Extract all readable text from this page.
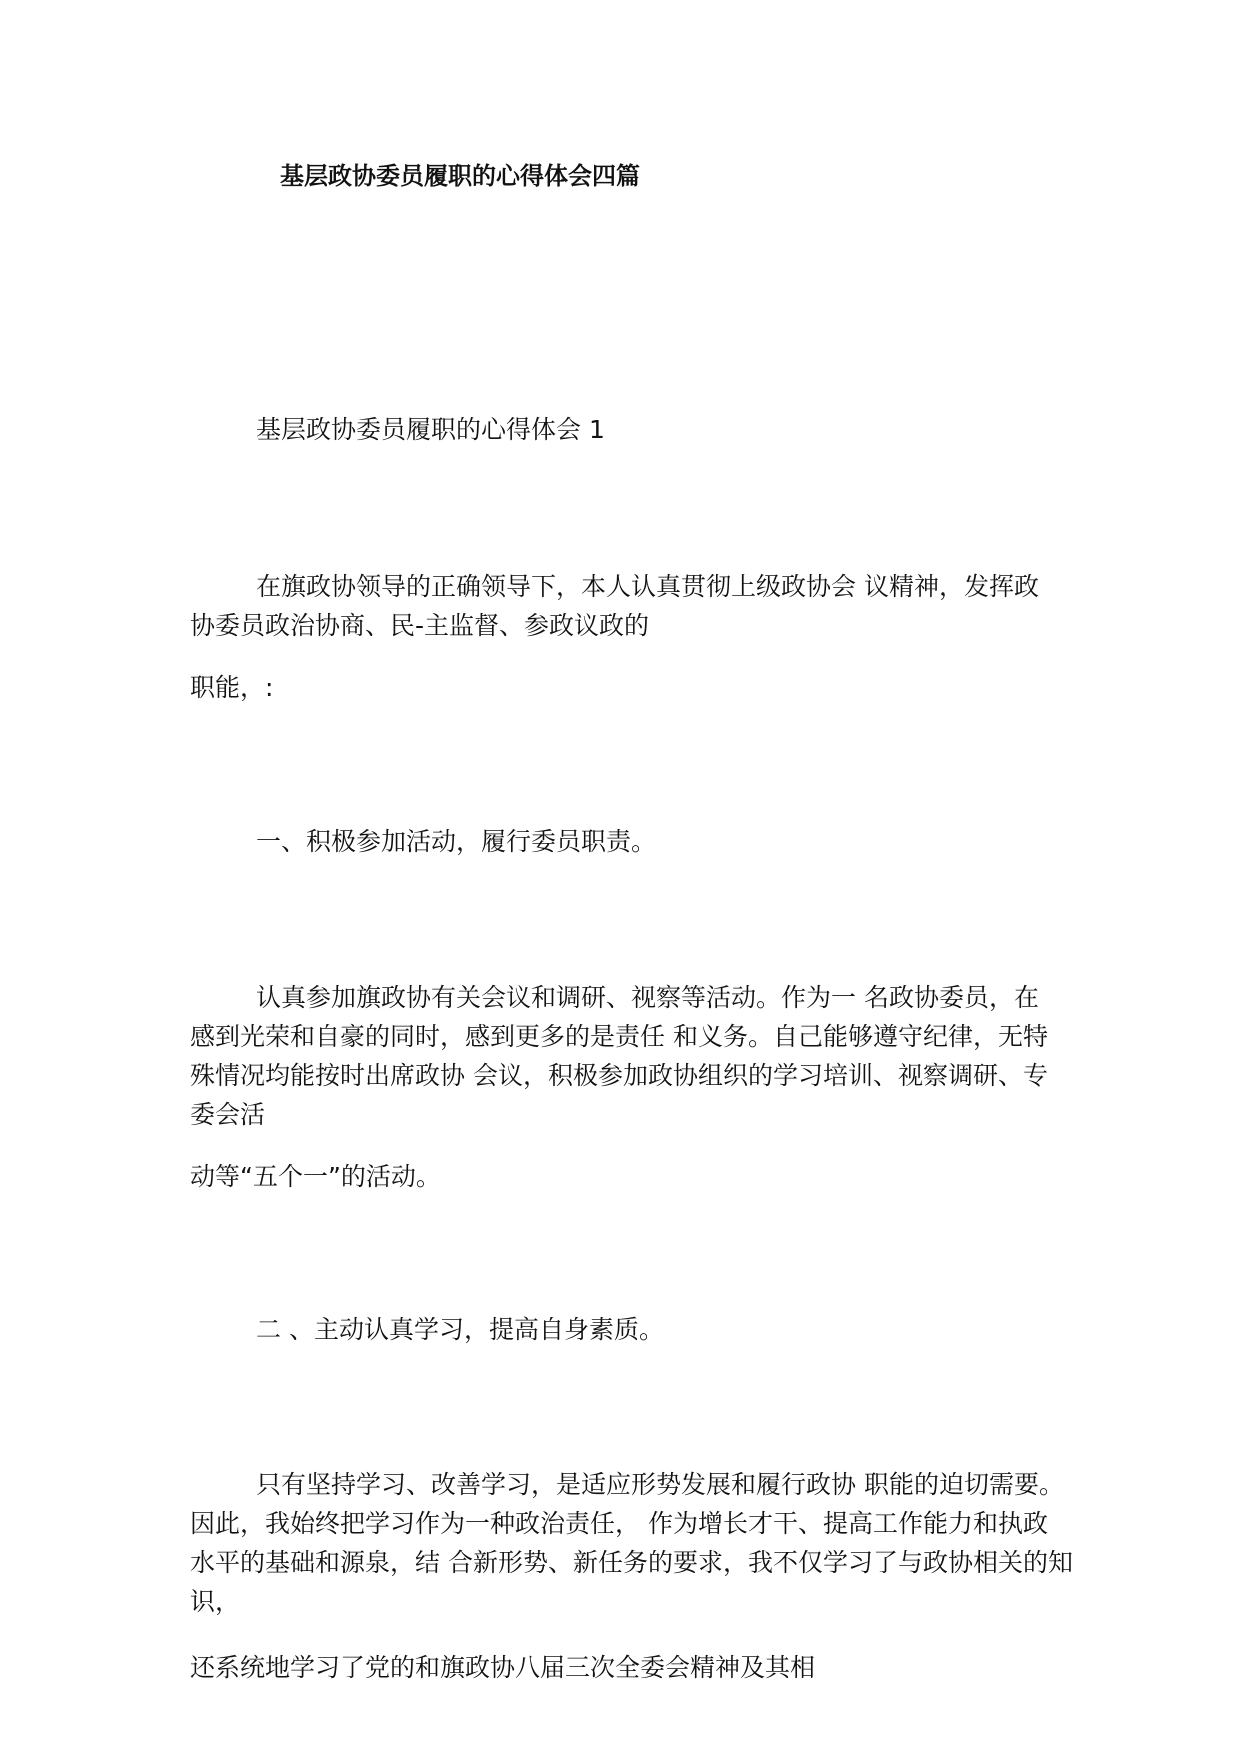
基层政协委员履职的心得体会四篇
基层政协委员履职的心得体会 1
在旗政协领导的正确领导下，本人认真贯彻上级政协会 议精神，发挥政
协委员政治协商、民-主监督、参政议政的
职能，:
一、积极参加活动，履行委员职责。
认真参加旗政协有关会议和调研、视察等活动。作为一 名政协委员，在
感到光荣和自豪的同时，感到更多的是责任 和义务。自己能够遵守纪律，无特
殊情况均能按时出席政协 会议，积极参加政协组织的学习培训、视察调研、专
委会活
动等“五个一”的活动。
二 、主动认真学习，提高自身素质。
只有坚持学习、改善学习，是适应形势发展和履行政协 职能的迫切需要。
因此，我始终把学习作为一种政治责任， 作为增长才干、提高工作能力和执政
水平的基础和源泉，结 合新形势、新任务的要求，我不仅学习了与政协相关的知
识，
还系统地学习了党的和旗政协八届三次全委会精神及其相
